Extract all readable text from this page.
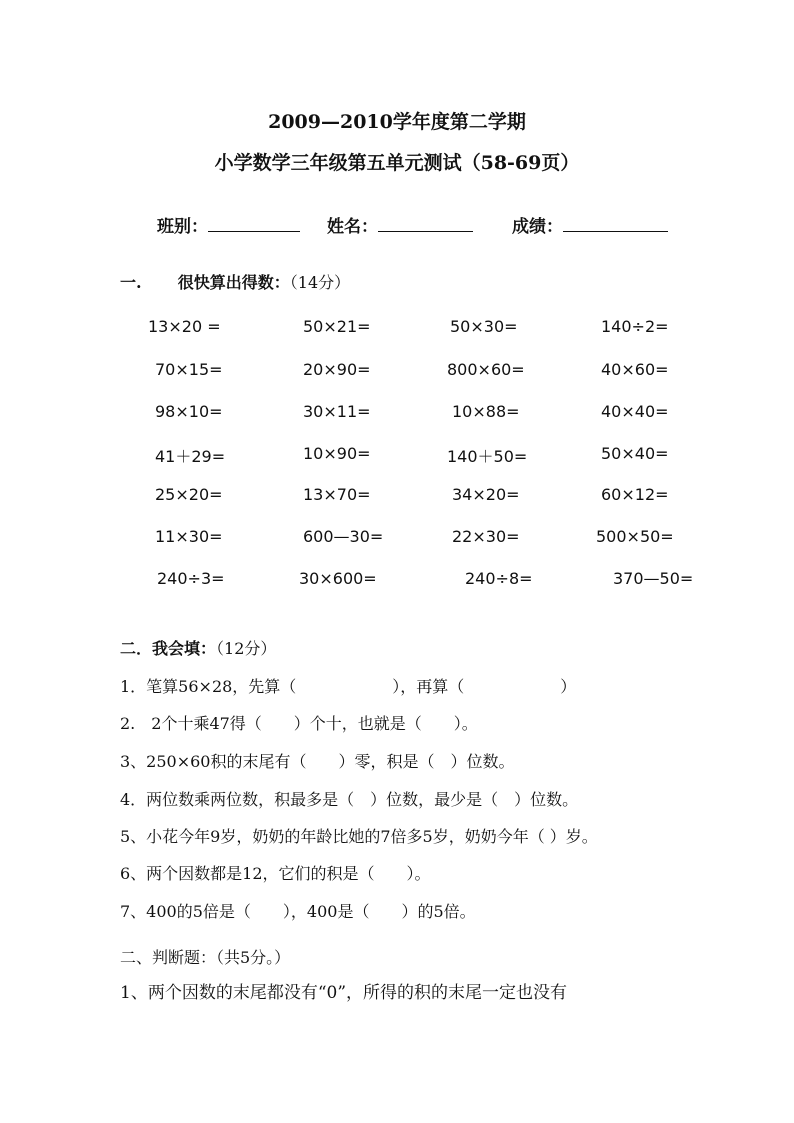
2009—2010学年度第二学期
小学数学三年级第五单元测试（58-69页）
班别：	姓名：	成绩：
一. 很快算出得数：（14分）
13×20 =	50×21=	50×30=	140÷2=
70×15=	20×90=	800×60=	40×60=
98×10=	30×11=	10×88=	40×40=
41＋29=	10×90=	140＋50=	50×40=
25×20=	13×70=	34×20=	60×12=
11×30=	600—30=	22×30=	500×50=
240÷3=	30×600=	240÷8=	370—50=
二．我会填：（12分）
1．笔算56×28，先算（　　　　　　），再算（　　　　　　）
2.　2个十乘47得（　　）个十，也就是（　　）。
3、250×60积的末尾有（　　）零，积是（　）位数。
4．两位数乘两位数，积最多是（　）位数，最少是（　）位数。
5、小花今年9岁，奶奶的年龄比她的7倍多5岁，奶奶今年（ ）岁。
6、两个因数都是12，它们的积是（　　）。
7、400的5倍是（　　），400是（　　）的5倍。
二、判断题：（共5分。）
1、两个因数的末尾都没有“0”，所得的积的末尾一定也没有
